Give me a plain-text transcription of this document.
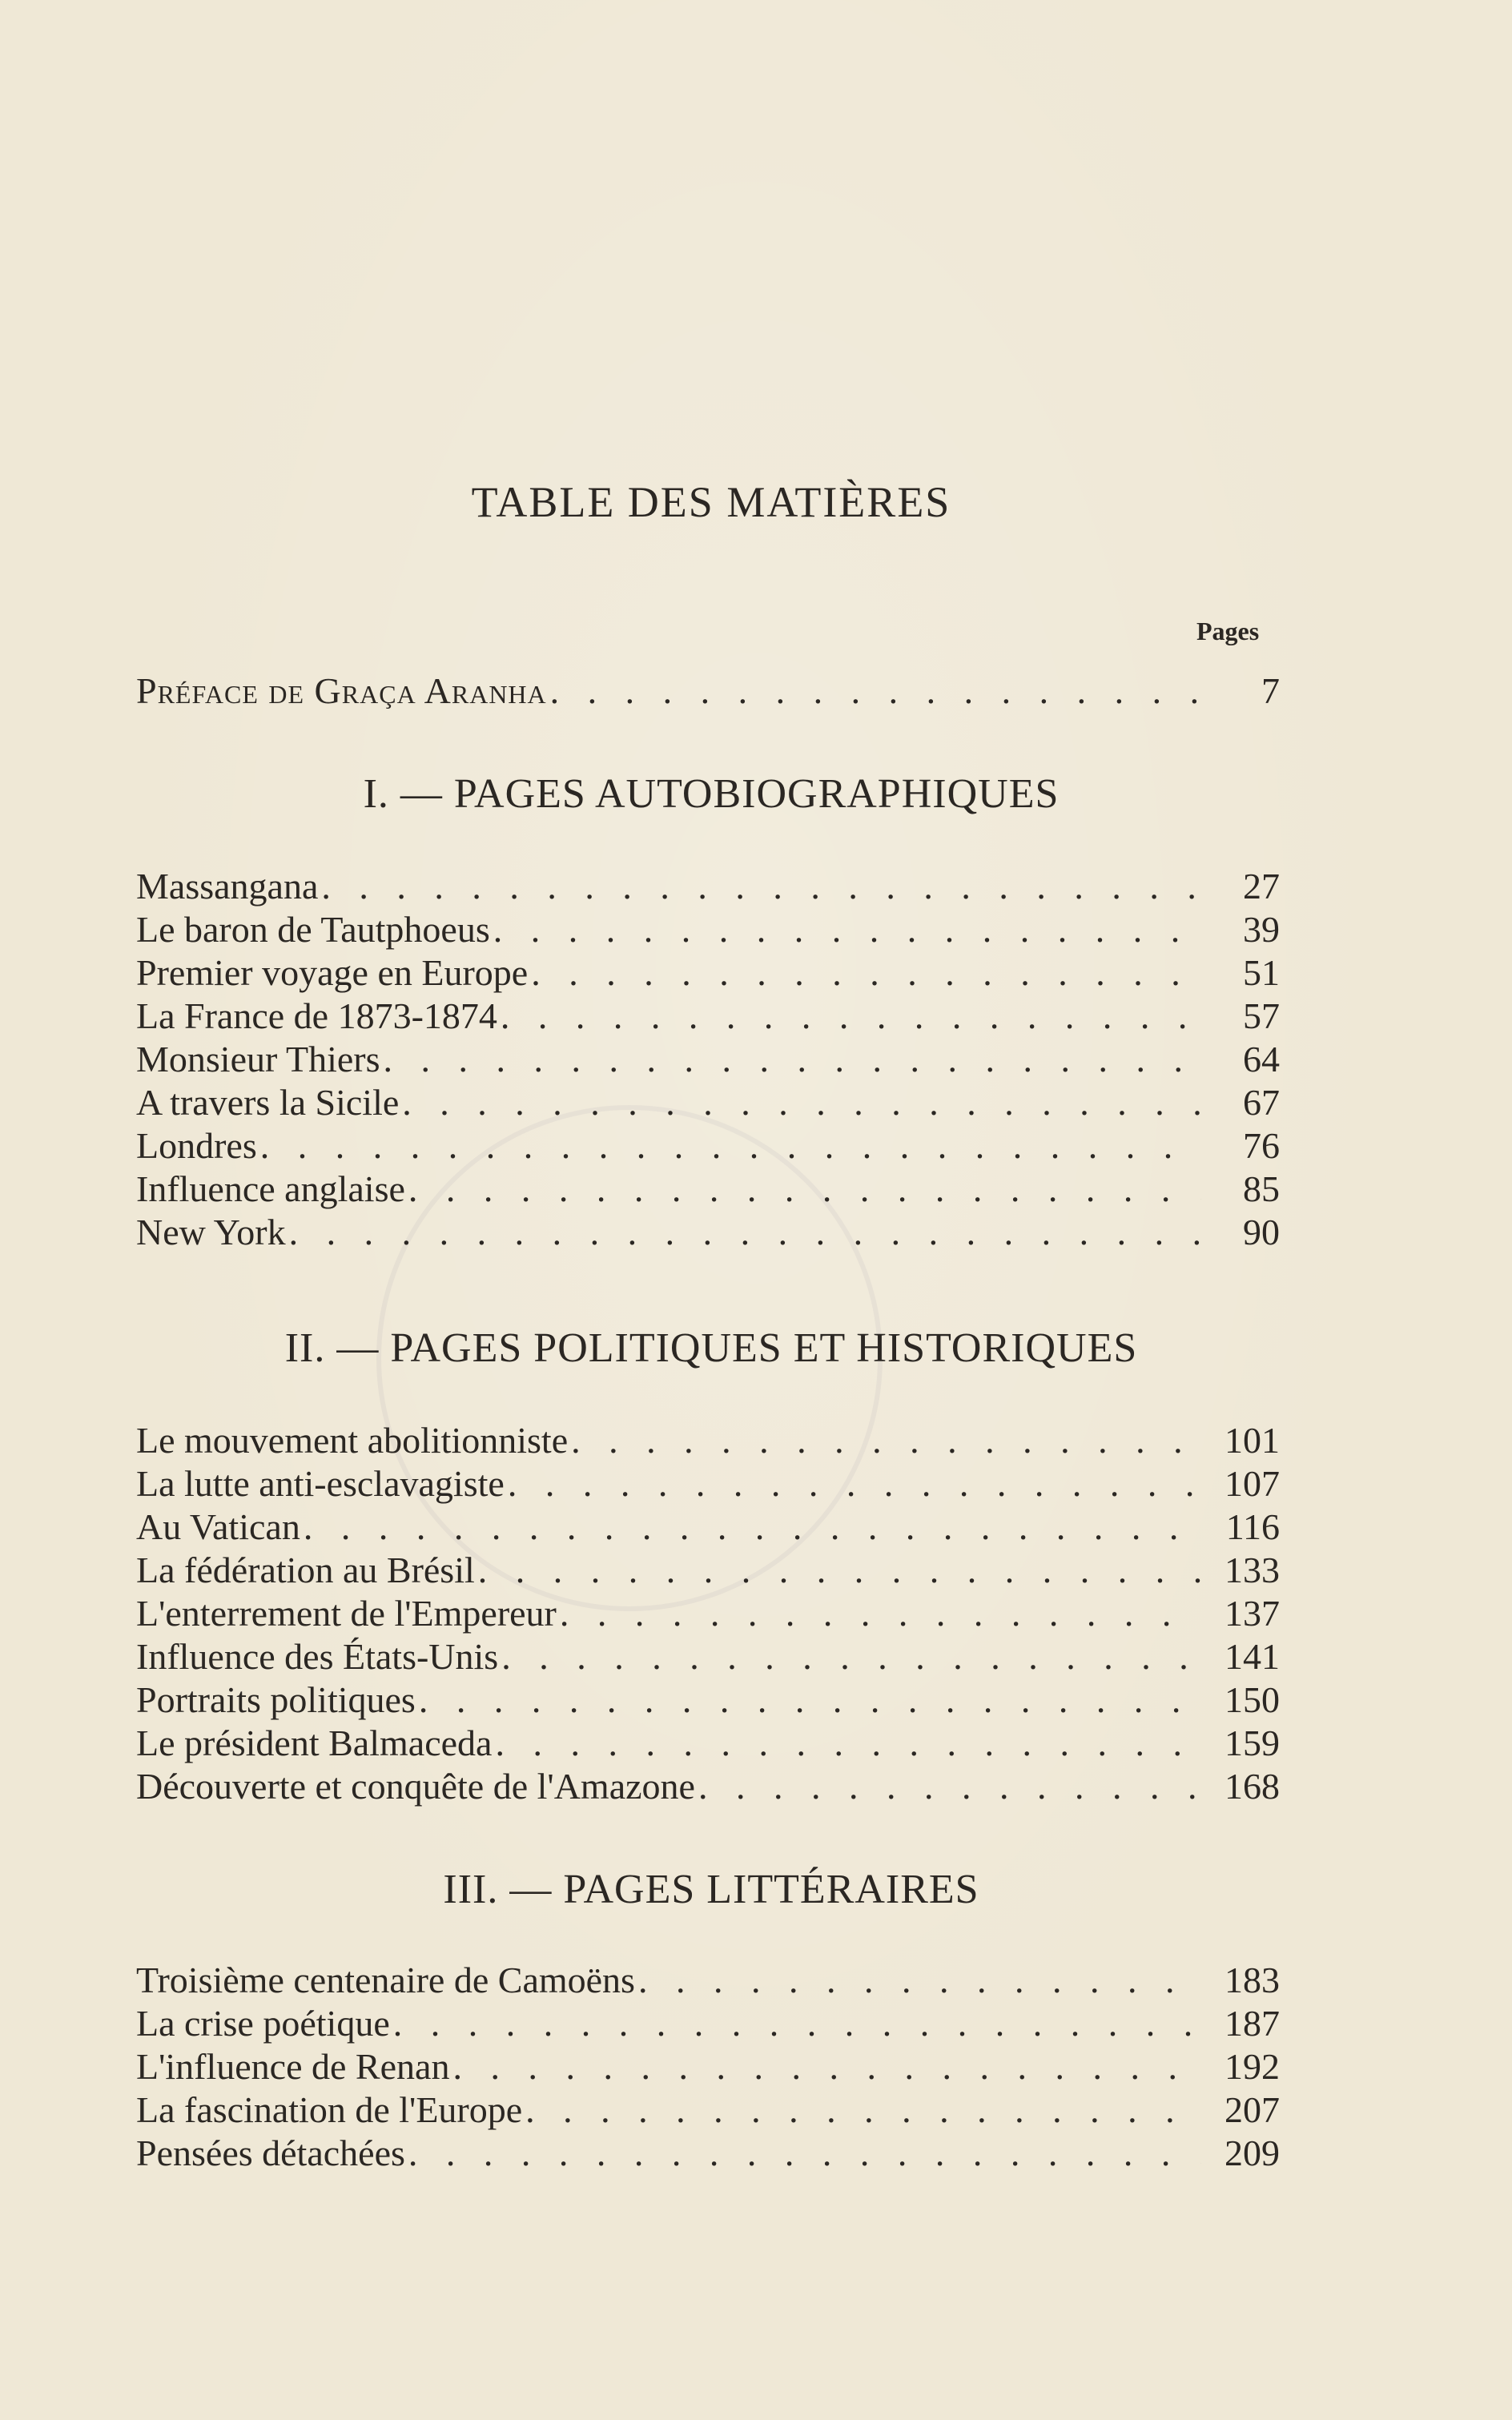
TABLE DES MATIÈRES
Pages
Préface de Graça Aranha . . .	7
I. — PAGES AUTOBIOGRAPHIQUES
Massangana . . .	27
Le baron de Tautphoeus . . .	39
Premier voyage en Europe . . .	51
La France de 1873-1874 . . .	57
Monsieur Thiers . . .	64
A travers la Sicile . . .	67
Londres . . .	76
Influence anglaise . . .	85
New York . . .	90
II. — PAGES POLITIQUES ET HISTORIQUES
Le mouvement abolitionniste . . .	101
La lutte anti-esclavagiste . . .	107
Au Vatican . . .	116
La fédération au Brésil . . .	133
L'enterrement de l'Empereur . . .	137
Influence des États-Unis . . .	141
Portraits politiques . . .	150
Le président Balmaceda . . .	159
Découverte et conquête de l'Amazone . . .	168
III. — PAGES LITTÉRAIRES
Troisième centenaire de Camoëns . . .	183
La crise poétique . . .	187
L'influence de Renan . . .	192
La fascination de l'Europe . . .	207
Pensées détachées . . .	209
